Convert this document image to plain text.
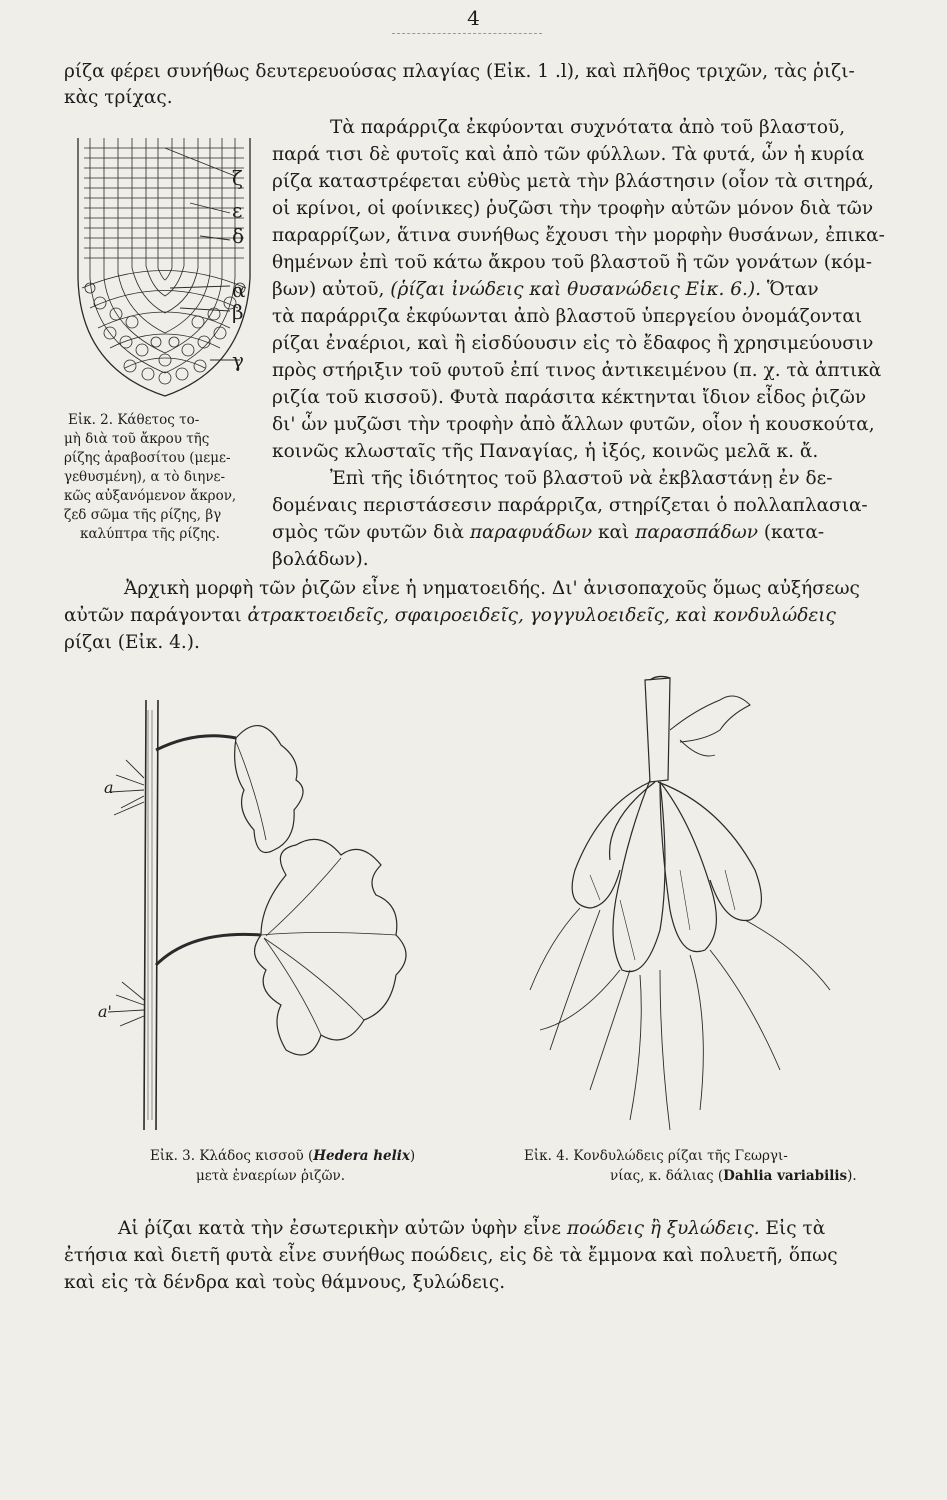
4
ρίζα φέρει συνήθως δευτερευούσας πλαγίας (Εἰκ. 1 .l), καὶ πλῆθος τριχῶν, τὰς ῥιζι-
κὰς τρίχας.
ζ
ε
δ
α
β
γ
Εἰκ. 2. Κάθετος το-
μὴ διὰ τοῦ ἄκρου τῆς
ρίζης ἀραβοσίτου (μεμε-
γεθυσμένη), α τὸ διηνε-
κῶς αὐξανόμενον ἄκρον,
ζεδ σῶμα τῆς ρίζης, βγ
καλύπτρα τῆς ρίζης.
Τὰ παράρριζα ἐκφύονται συχνότατα ἀπὸ τοῦ βλαστοῦ,
παρά τισι δὲ φυτοῖς καὶ ἀπὸ τῶν φύλλων. Τὰ φυτά, ὧν ἡ κυρία
ρίζα καταστρέφεται εὐθὺς μετὰ τὴν βλάστησιν (οἷον τὰ σιτηρά,
οἱ κρίνοι, οἱ φοίνικες) ῥυζῶσι τὴν τροφὴν αὐτῶν μόνον διὰ τῶν
παραρρίζων, ἅτινα συνήθως ἔχουσι τὴν μορφὴν θυσάνων, ἐπικα-
θημένων ἐπὶ τοῦ κάτω ἄκρου τοῦ βλαστοῦ ἢ τῶν γονάτων (κόμ-
βων) αὐτοῦ, (ῥίζαι ἰνώδεις καὶ θυσανώδεις Εἰκ. 6.). Ὅταν
τὰ παράρριζα ἐκφύωνται ἀπὸ βλαστοῦ ὑπεργείου ὀνομάζονται
ρίζαι ἐναέριοι, καὶ ἢ εἰσδύουσιν εἰς τὸ ἔδαφος ἢ χρησιμεύουσιν
πρὸς στήριξιν τοῦ φυτοῦ ἐπί τινος ἀντικειμένου (π. χ. τὰ ἀπτικὰ
ριζία τοῦ κισσοῦ). Φυτὰ παράσιτα κέκτηνται ἴδιον εἶδος ῥιζῶν
δι' ὧν μυζῶσι τὴν τροφὴν ἀπὸ ἄλλων φυτῶν, οἷον ἡ κουσκούτα,
κοινῶς κλωσταῖς τῆς Παναγίας, ἡ ἰξός, κοινῶς μελᾶ κ. ἄ.
Ἐπὶ τῆς ἰδιότητος τοῦ βλαστοῦ νὰ ἐκβλαστάνῃ ἐν δε-
δομέναις περιστάσεσιν παράρριζα, στηρίζεται ὁ πολλαπλασια-
σμὸς τῶν φυτῶν διὰ παραφυάδων καὶ παρασπάδων (κατα-
βολάδων).
Ἀρχικὴ μορφὴ τῶν ῥιζῶν εἶνε ἡ νηματοειδής. Δι' ἀνισοπαχοῦς ὅμως αὐξήσεως
αὐτῶν παράγονται ἀτρακτοειδεῖς, σφαιροειδεῖς, γογγυλοειδεῖς, καὶ κονδυλώδεις
ρίζαι (Εἰκ. 4.).
a
a'
Εἰκ. 3. Κλάδος κισσοῦ (Hedera helix)
μετὰ ἐναερίων ῥιζῶν.
Εἰκ. 4. Κονδυλώδεις ρίζαι τῆς Γεωργι-
νίας, κ. δάλιας (Dahlia variabilis).
Αἱ ῥίζαι κατὰ τὴν ἐσωτερικὴν αὐτῶν ὑφὴν εἶνε ποώδεις ἢ ξυλώδεις. Εἰς τὰ
ἐτήσια καὶ διετῆ φυτὰ εἶνε συνήθως ποώδεις, εἰς δὲ τὰ ἔμμονα καὶ πολυετῆ, ὅπως
καὶ εἰς τὰ δένδρα καὶ τοὺς θάμνους, ξυλώδεις.
